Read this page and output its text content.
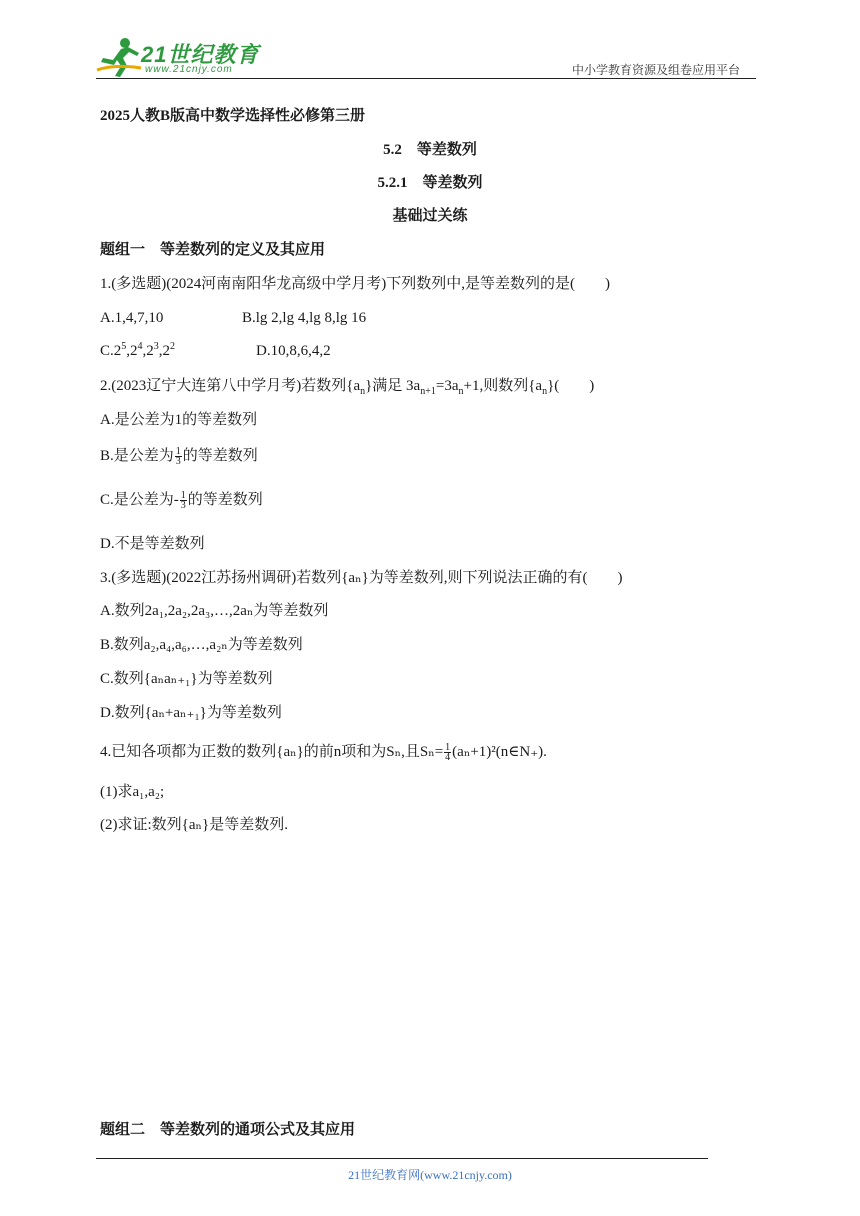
21世纪教育
www.21cnjy.com	中小学教育资源及组卷应用平台
2025人教B版高中数学选择性必修第三册
5.2　等差数列
5.2.1　等差数列
基础过关练
题组一　等差数列的定义及其应用
1.(多选题)(2024河南南阳华龙高级中学月考)下列数列中,是等差数列的是(　　)
A.1,4,7,10	B.lg 2,lg 4,lg 8,lg 16
$C.2^5,2^4,2^3,2^2$	D.10,8,6,4,2
2.(2023辽宁大连第八中学月考)若数列$\{a_n\}$满足 $3a_{n+1}=3a_n+1$,则数列$\{a_n\}$(　　)
A.是公差为1的等差数列
B.是公差为 $\frac{1}{3}$ 的等差数列
C.是公差为- $\frac{1}{3}$ 的等差数列
D.不是等差数列
3.(多选题)(2022江苏扬州调研)若数列{aₙ}为等差数列,则下列说法正确的有(　　)
A.数列2a₁,2a₂,2a₃,…,2aₙ为等差数列
B.数列a₂,a₄,a₆,…,a₂ₙ为等差数列
C.数列{aₙaₙ₊₁}为等差数列
D.数列{aₙ+aₙ₊₁}为等差数列
4.已知各项都为正数的数列{aₙ}的前n项和为Sₙ,且$S_n= \frac{1}{4}$ (aₙ+1)²(n∈N₊).
(1)求a₁,a₂;
(2)求证:数列{aₙ}是等差数列.
题组二　等差数列的通项公式及其应用
21世纪教育网(www.21cnjy.com)
